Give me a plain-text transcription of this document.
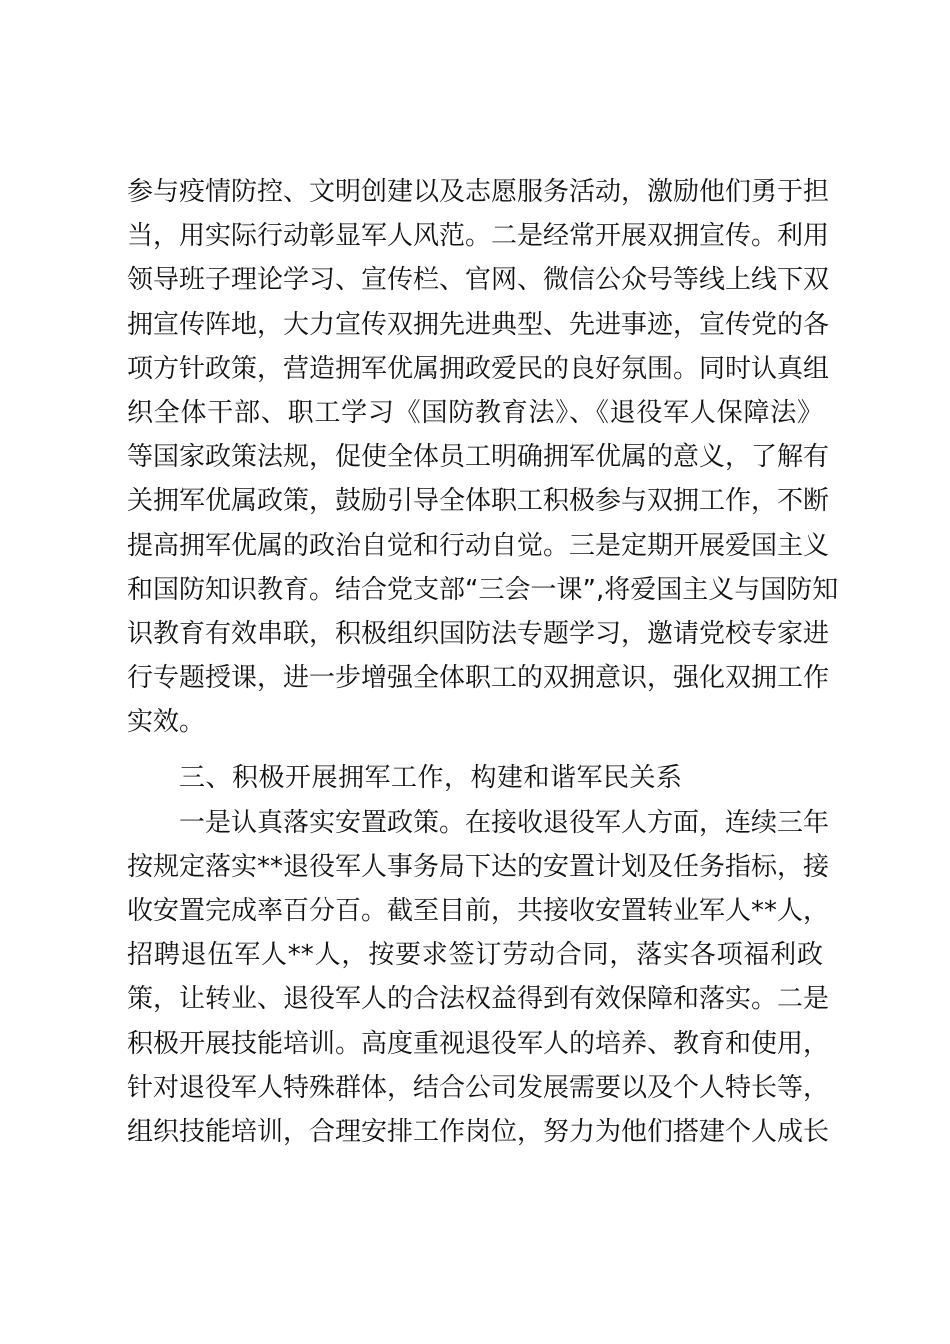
参与疫情防控、文明创建以及志愿服务活动，激励他们勇于担
当，用实际行动彰显军人风范。二是经常开展双拥宣传。利用
领导班子理论学习、宣传栏、官网、微信公众号等线上线下双
拥宣传阵地，大力宣传双拥先进典型、先进事迹，宣传党的各
项方针政策，营造拥军优属拥政爱民的良好氛围。同时认真组
织全体干部、职工学习《国防教育法》、《退役军人保障法》
等国家政策法规，促使全体员工明确拥军优属的意义，了解有
关拥军优属政策，鼓励引导全体职工积极参与双拥工作，不断
提高拥军优属的政治自觉和行动自觉。三是定期开展爱国主义
和国防知识教育。结合党支部“三会一课”,将爱国主义与国防知
识教育有效串联，积极组织国防法专题学习，邀请党校专家进
行专题授课，进一步增强全体职工的双拥意识，强化双拥工作
实效。
三、积极开展拥军工作，构建和谐军民关系
一是认真落实安置政策。在接收退役军人方面，连续三年
按规定落实**退役军人事务局下达的安置计划及任务指标，接
收安置完成率百分百。截至目前，共接收安置转业军人**人，
招聘退伍军人**人，按要求签订劳动合同，落实各项福利政
策，让转业、退役军人的合法权益得到有效保障和落实。二是
积极开展技能培训。高度重视退役军人的培养、教育和使用，
针对退役军人特殊群体，结合公司发展需要以及个人特长等，
组织技能培训，合理安排工作岗位，努力为他们搭建个人成长
